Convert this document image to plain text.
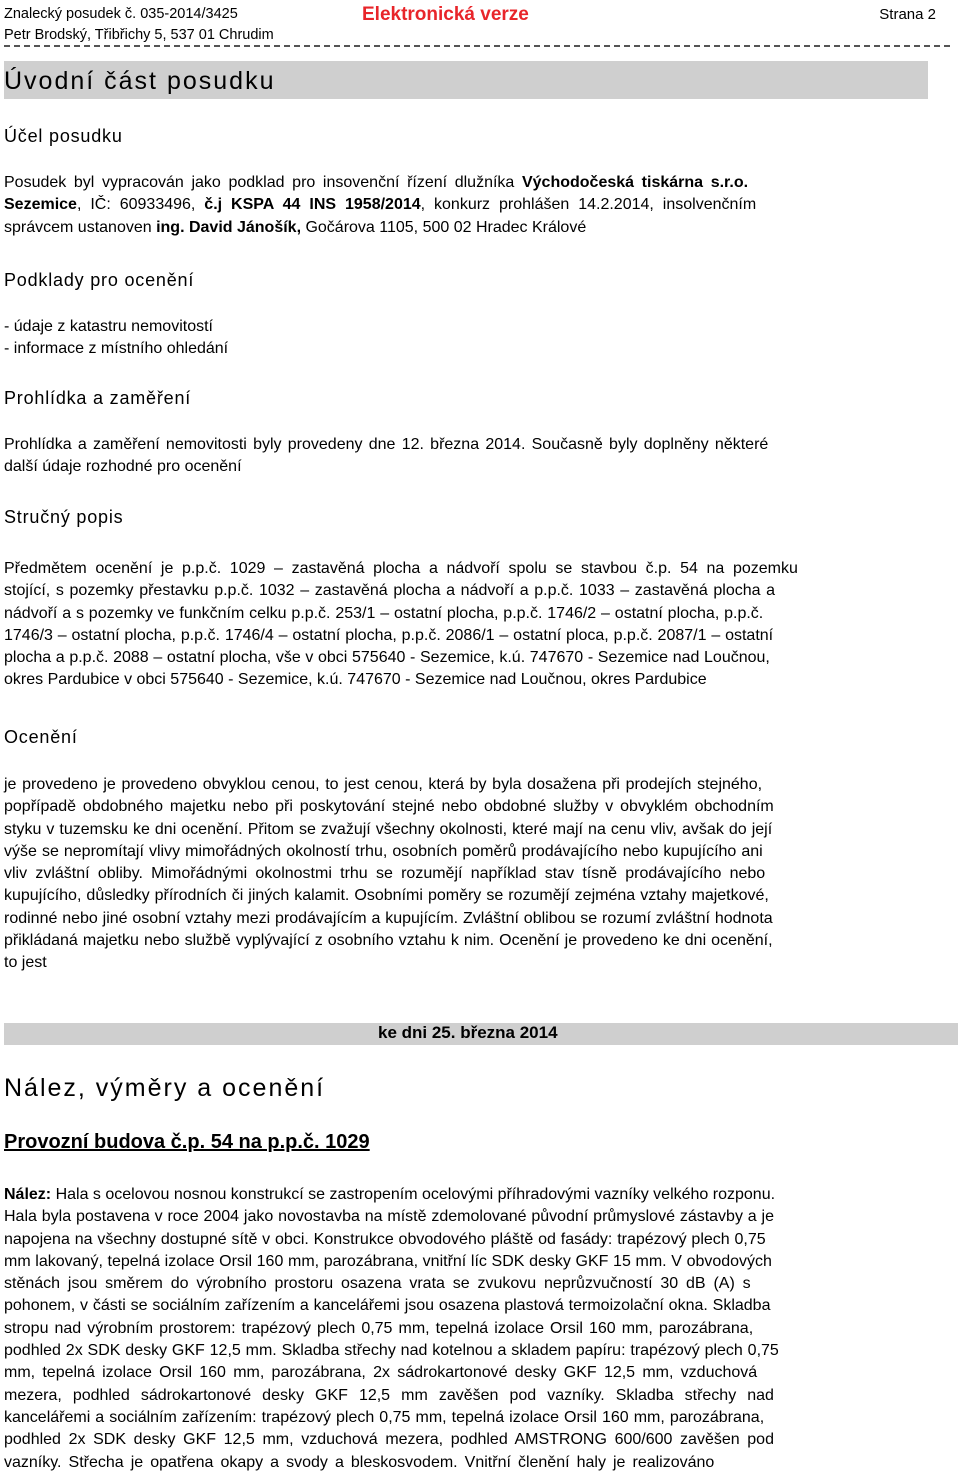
Znalecký posudek č. 035-2014/3425
Petr Brodský, Třibřichy 5, 537 01 Chrudim
Elektronická verze	Strana 2
Úvodní část posudku
Účel posudku
Posudek byl vypracován jako podklad pro insovenční řízení dlužníka Východočeská tiskárna s.r.o.
Sezemice, IČ: 60933496, č.j KSPA 44 INS 1958/2014, konkurz prohlášen 14.2.2014, insolvenčním
správcem ustanoven ing. David Jánošík, Gočárova 1105, 500 02 Hradec Králové
Podklady pro ocenění
- údaje z katastru nemovitostí
- informace z místního ohledání
Prohlídka a zaměření
Prohlídka a zaměření nemovitosti byly provedeny dne 12. března 2014. Současně byly doplněny některé
další údaje rozhodné pro ocenění
Stručný popis
Předmětem ocenění je p.p.č. 1029 – zastavěná plocha a nádvoří spolu se stavbou č.p. 54 na pozemku
stojící, s pozemky přestavku p.p.č. 1032 – zastavěná plocha a nádvoří a p.p.č. 1033 – zastavěná plocha a
nádvoří a s pozemky ve funkčním celku p.p.č. 253/1 – ostatní plocha, p.p.č. 1746/2 – ostatní plocha, p.p.č.
1746/3 – ostatní plocha, p.p.č. 1746/4 – ostatní plocha, p.p.č. 2086/1 – ostatní ploca, p.p.č. 2087/1 – ostatní
plocha a p.p.č. 2088 – ostatní plocha, vše v obci 575640 - Sezemice, k.ú. 747670 - Sezemice nad Loučnou,
okres Pardubice v obci 575640 - Sezemice, k.ú. 747670 - Sezemice nad Loučnou, okres Pardubice
Ocenění
je provedeno je provedeno obvyklou cenou, to jest cenou, která by byla dosažena při prodejích stejného,
popřípadě obdobného majetku nebo při poskytování stejné nebo obdobné služby v obvyklém obchodním
styku v tuzemsku ke dni ocenění. Přitom se zvažují všechny okolnosti, které mají na cenu vliv, avšak do její
výše se nepromítají vlivy mimořádných okolností trhu, osobních poměrů prodávajícího nebo kupujícího ani
vliv zvláštní obliby. Mimořádnými okolnostmi trhu se rozumějí například stav tísně prodávajícího nebo
kupujícího, důsledky přírodních či jiných kalamit. Osobními poměry se rozumějí zejména vztahy majetkové,
rodinné nebo jiné osobní vztahy mezi prodávajícím a kupujícím. Zvláštní oblibou se rozumí zvláštní hodnota
přikládaná majetku nebo službě vyplývající z osobního vztahu k nim. Ocenění je provedeno ke dni ocenění,
to jest
ke dni 25. března 2014
Nález, výměry a ocenění
Provozní budova č.p. 54 na p.p.č. 1029
Nález: Hala s ocelovou nosnou konstrukcí se zastropením ocelovými příhradovými vazníky velkého rozponu.
Hala byla postavena v roce 2004 jako novostavba na místě zdemolované původní průmyslové zástavby a je
napojena na všechny dostupné sítě v obci. Konstrukce obvodového pláště od fasády: trapézový plech 0,75
mm lakovaný, tepelná izolace Orsil 160 mm, parozábrana, vnitřní líc SDK desky GKF 15 mm. V obvodových
stěnách jsou směrem do výrobního prostoru osazena vrata se zvukovu neprůzvučností 30 dB (A) s
pohonem, v části se sociálním zařízením a kancelářemi jsou osazena plastová termoizolační okna. Skladba
stropu nad výrobním prostorem: trapézový plech 0,75 mm, tepelná izolace Orsil 160 mm, parozábrana,
podhled 2x SDK desky GKF 12,5 mm. Skladba střechy nad kotelnou a skladem papíru: trapézový plech 0,75
mm, tepelná izolace Orsil 160 mm, parozábrana, 2x sádrokartonové desky GKF 12,5 mm, vzduchová
mezera, podhled sádrokartonové desky GKF 12,5 mm zavěšen pod vazníky. Skladba střechy nad
kancelářemi a sociálním zařízením: trapézový plech 0,75 mm, tepelná izolace Orsil 160 mm, parozábrana,
podhled 2x SDK desky GKF 12,5 mm, vzduchová mezera, podhled AMSTRONG 600/600 zavěšen pod
vazníky. Střecha je opatřena okapy a svody a bleskosvodem. Vnitřní členění haly je realizováno
